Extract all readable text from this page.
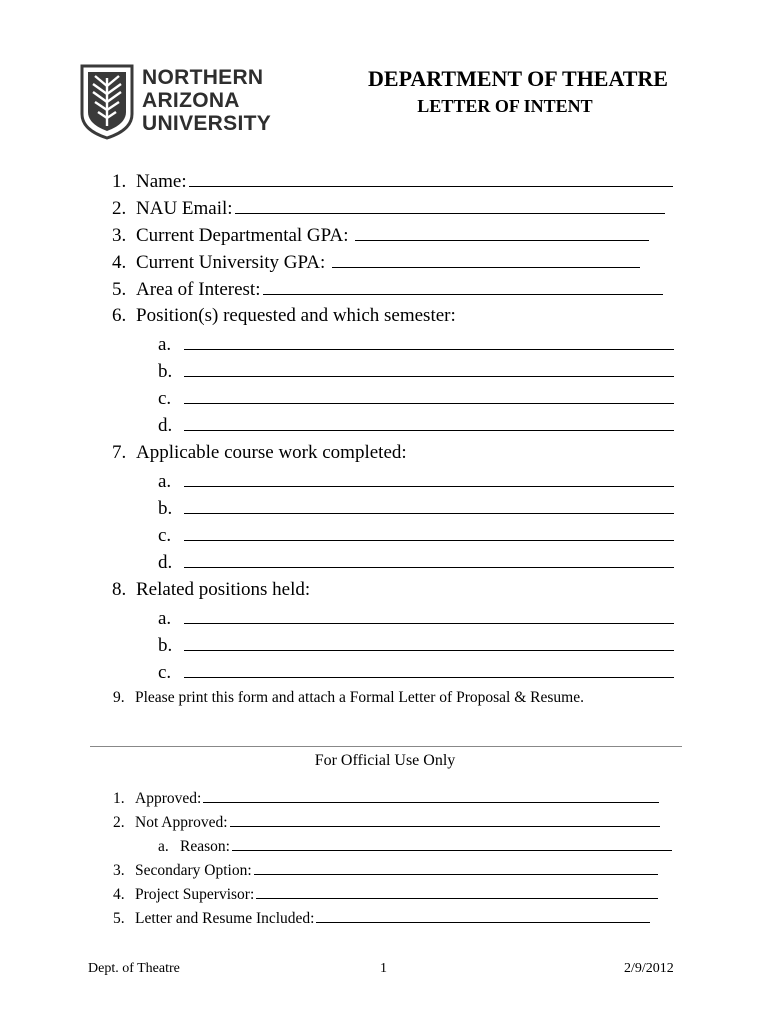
NORTHERN
ARIZONA
UNIVERSITY
DEPARTMENT OF THEATRE
LETTER OF INTENT
1. Name:
2. NAU Email:
3. Current Departmental GPA:
4. Current University GPA:
5. Area of Interest:
6. Position(s) requested and which semester:
a.
b.
c.
d.
7. Applicable course work completed:
a.
b.
c.
d.
8. Related positions held:
a.
b.
c.
9. Please print this form and attach a Formal Letter of Proposal & Resume.
For Official Use Only
1. Approved:
2. Not Approved:
a. Reason:
3. Secondary Option:
4. Project Supervisor:
5. Letter and Resume Included:
Dept. of Theatre	1	2/9/2012
